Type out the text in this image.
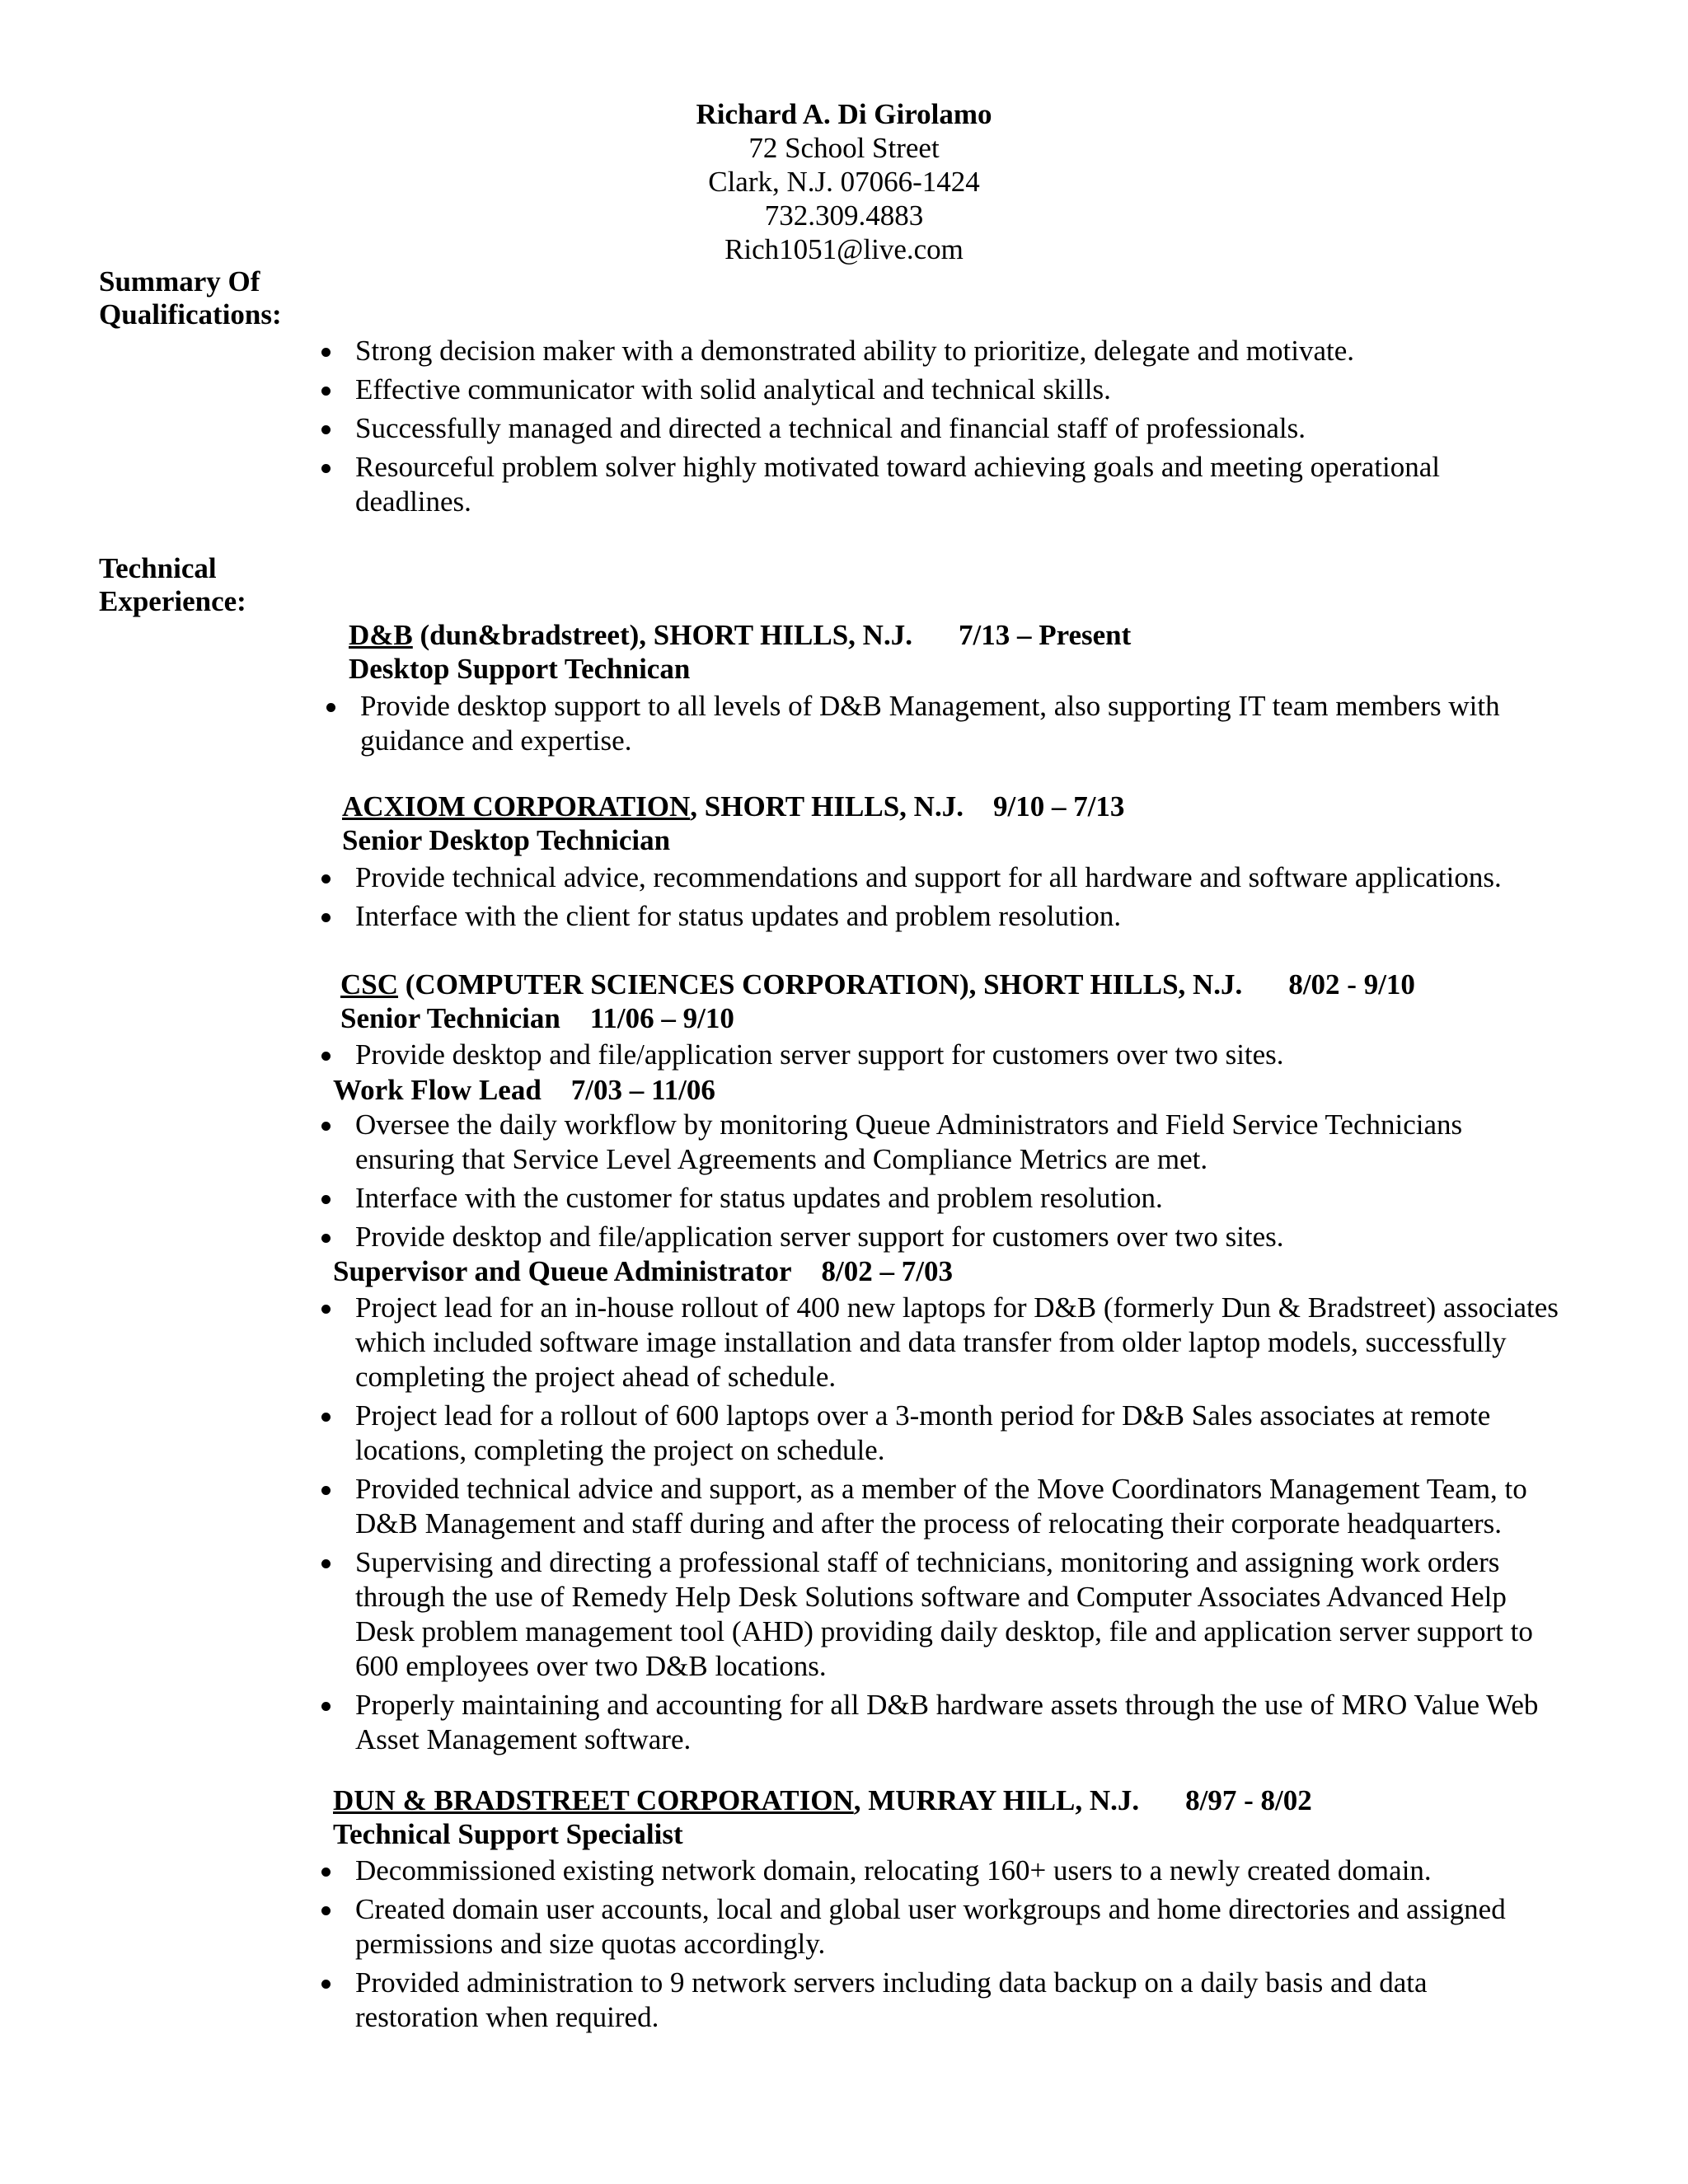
Richard A. Di Girolamo
72 School Street
Clark, N.J. 07066-1424
732.309.4883
Rich1051@live.com
Summary Of
Qualifications:
Strong decision maker with a demonstrated ability to prioritize, delegate and motivate.
Effective communicator with solid analytical and technical skills.
Successfully managed and directed a technical and financial staff of professionals.
Resourceful problem solver highly motivated toward achieving goals and meeting operational deadlines.
Technical
Experience:
D&B (dun&bradstreet), SHORT HILLS, N.J. 7/13 – Present
Desktop Support Technican
Provide desktop support to all levels of D&B Management, also supporting IT team members with guidance and expertise.
ACXIOM CORPORATION, SHORT HILLS, N.J. 9/10 – 7/13
Senior Desktop Technician
Provide technical advice, recommendations and support for all hardware and software applications.
Interface with the client for status updates and problem resolution.
CSC (COMPUTER SCIENCES CORPORATION), SHORT HILLS, N.J. 8/02 - 9/10
Senior Technician 11/06 – 9/10
Provide desktop and file/application server support for customers over two sites.
Work Flow Lead 7/03 – 11/06
Oversee the daily workflow by monitoring Queue Administrators and Field Service Technicians ensuring that Service Level Agreements and Compliance Metrics are met.
Interface with the customer for status updates and problem resolution.
Provide desktop and file/application server support for customers over two sites.
Supervisor and Queue Administrator 8/02 – 7/03
Project lead for an in-house rollout of 400 new laptops for D&B (formerly Dun & Bradstreet) associates which included software image installation and data transfer from older laptop models, successfully completing the project ahead of schedule.
Project lead for a rollout of 600 laptops over a 3-month period for D&B Sales associates at remote locations, completing the project on schedule.
Provided technical advice and support, as a member of the Move Coordinators Management Team, to D&B Management and staff during and after the process of relocating their corporate headquarters.
Supervising and directing a professional staff of technicians, monitoring and assigning work orders through the use of Remedy Help Desk Solutions software and Computer Associates Advanced Help Desk problem management tool (AHD) providing daily desktop, file and application server support to 600 employees over two D&B locations.
Properly maintaining and accounting for all D&B hardware assets through the use of MRO Value Web Asset Management software.
DUN & BRADSTREET CORPORATION, MURRAY HILL, N.J. 8/97 - 8/02
Technical Support Specialist
Decommissioned existing network domain, relocating 160+ users to a newly created domain.
Created domain user accounts, local and global user workgroups and home directories and assigned permissions and size quotas accordingly.
Provided administration to 9 network servers including data backup on a daily basis and data restoration when required.
